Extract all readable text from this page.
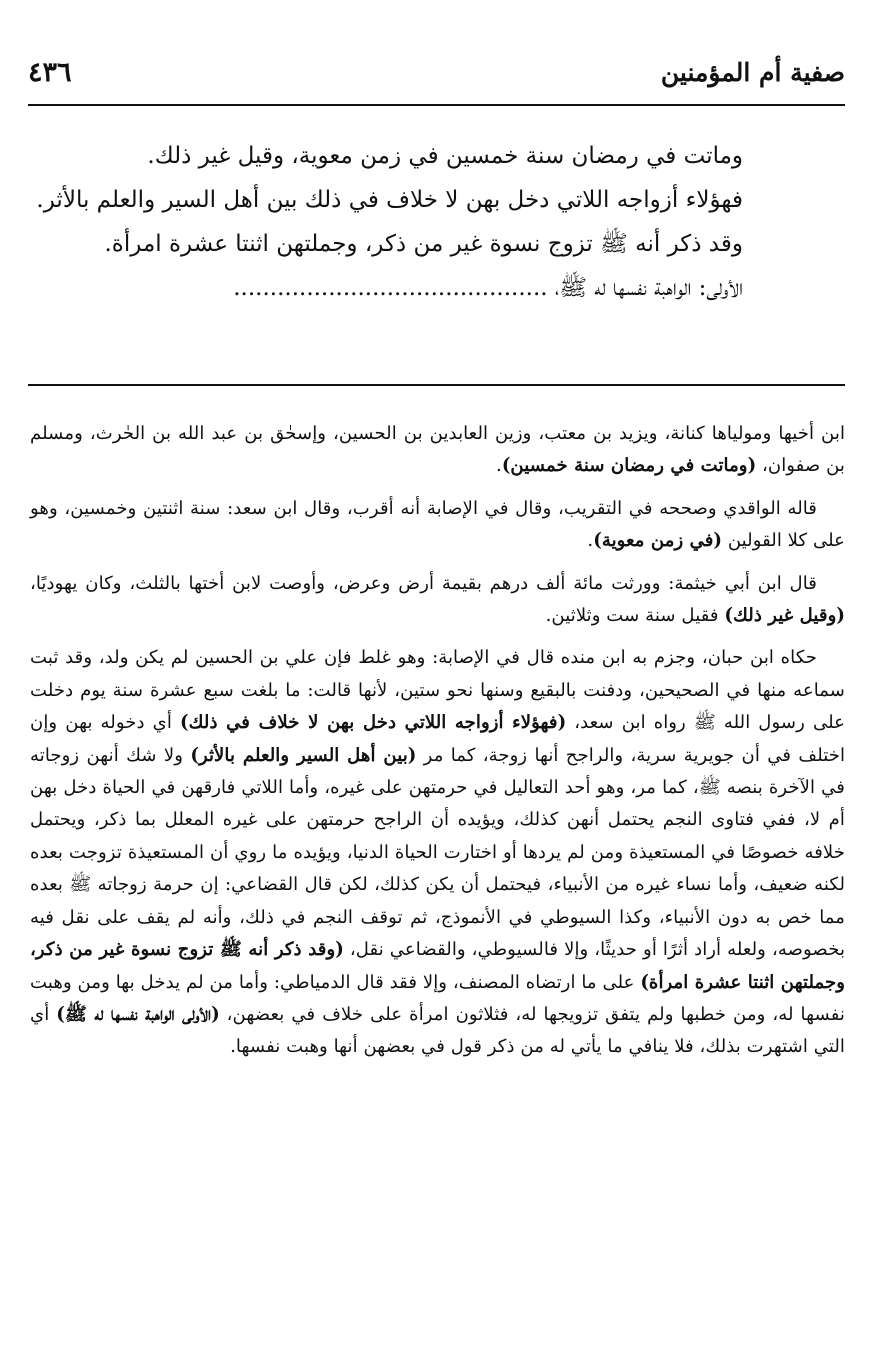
صفية أم المؤمنين
٤٣٦

وماتت في رمضان سنة خمسين في زمن معوية، وقيل غير ذلك.

فهؤلاء أزواجه اللاتي دخل بهن لا خلاف في ذلك بين أهل السير والعلم بالأثر.

وقد ذكر أنه ﷺ تزوج نسوة غير من ذكر، وجملتهن اثنتا عشرة امرأة.

الأولى: الواهبة نفسها له ﷺ، ...........................................

ابن أخيها ومولياها كنانة، ويزيد بن معتب، وزين العابدين بن الحسين، وإسحٰق بن عبد الله بن الحٰرث، ومسلم بن صفوان، (وماتت في رمضان سنة خمسين).

قاله الواقدي وصححه في التقريب، وقال في الإصابة أنه أقرب، وقال ابن سعد: سنة اثنتين وخمسين، وهو على كلا القولين (في زمن معوية).

قال ابن أبي خيثمة: وورثت مائة ألف درهم بقيمة أرض وعرض، وأوصت لابن أختها بالثلث، وكان يهوديًا، (وقيل غير ذلك) فقيل سنة ست وثلاثين.

حكاه ابن حبان، وجزم به ابن منده قال في الإصابة: وهو غلط فإن علي بن الحسين لم يكن ولد، وقد ثبت سماعه منها في الصحيحين، ودفنت بالبقيع وسنها نحو ستين، لأنها قالت: ما بلغت سبع عشرة سنة يوم دخلت على رسول الله ﷺ رواه ابن سعد، (فهؤلاء أزواجه اللاتي دخل بهن لا خلاف في ذلك) أي دخوله بهن وإن اختلف في أن جويرية سرية، والراجح أنها زوجة، كما مر (بين أهل السير والعلم بالأثر) ولا شك أنهن زوجاته في الآخرة بنصه ﷺ، كما مر، وهو أحد التعاليل في حرمتهن على غيره، وأما اللاتي فارقهن في الحياة دخل بهن أم لا، ففي فتاوى النجم يحتمل أنهن كذلك، ويؤيده أن الراجح حرمتهن على غيره المعلل بما ذكر، ويحتمل خلافه خصوصًا في المستعيذة ومن لم يردها أو اختارت الحياة الدنيا، ويؤيده ما روي أن المستعيذة تزوجت بعده لكنه ضعيف، وأما نساء غيره من الأنبياء، فيحتمل أن يكن كذلك، لكن قال القضاعي: إن حرمة زوجاته ﷺ بعده مما خص به دون الأنبياء، وكذا السيوطي في الأنموذج، ثم توقف النجم في ذلك، وأنه لم يقف على نقل فيه بخصوصه، ولعله أراد أثرًا أو حديثًا، وإلا فالسيوطي، والقضاعي نقل، (وقد ذكر أنه ﷺ تزوج نسوة غير من ذكر، وجملتهن اثنتا عشرة امرأة) على ما ارتضاه المصنف، وإلا فقد قال الدمياطي: وأما من لم يدخل بها ومن وهبت نفسها له، ومن خطبها ولم يتفق تزويجها له، فثلاثون امرأة على خلاف في بعضهن، (الأولى الواهبة نفسها له ﷺ) أي التي اشتهرت بذلك، فلا ينافي ما يأتي له من ذكر قول في بعضهن أنها وهبت نفسها.
